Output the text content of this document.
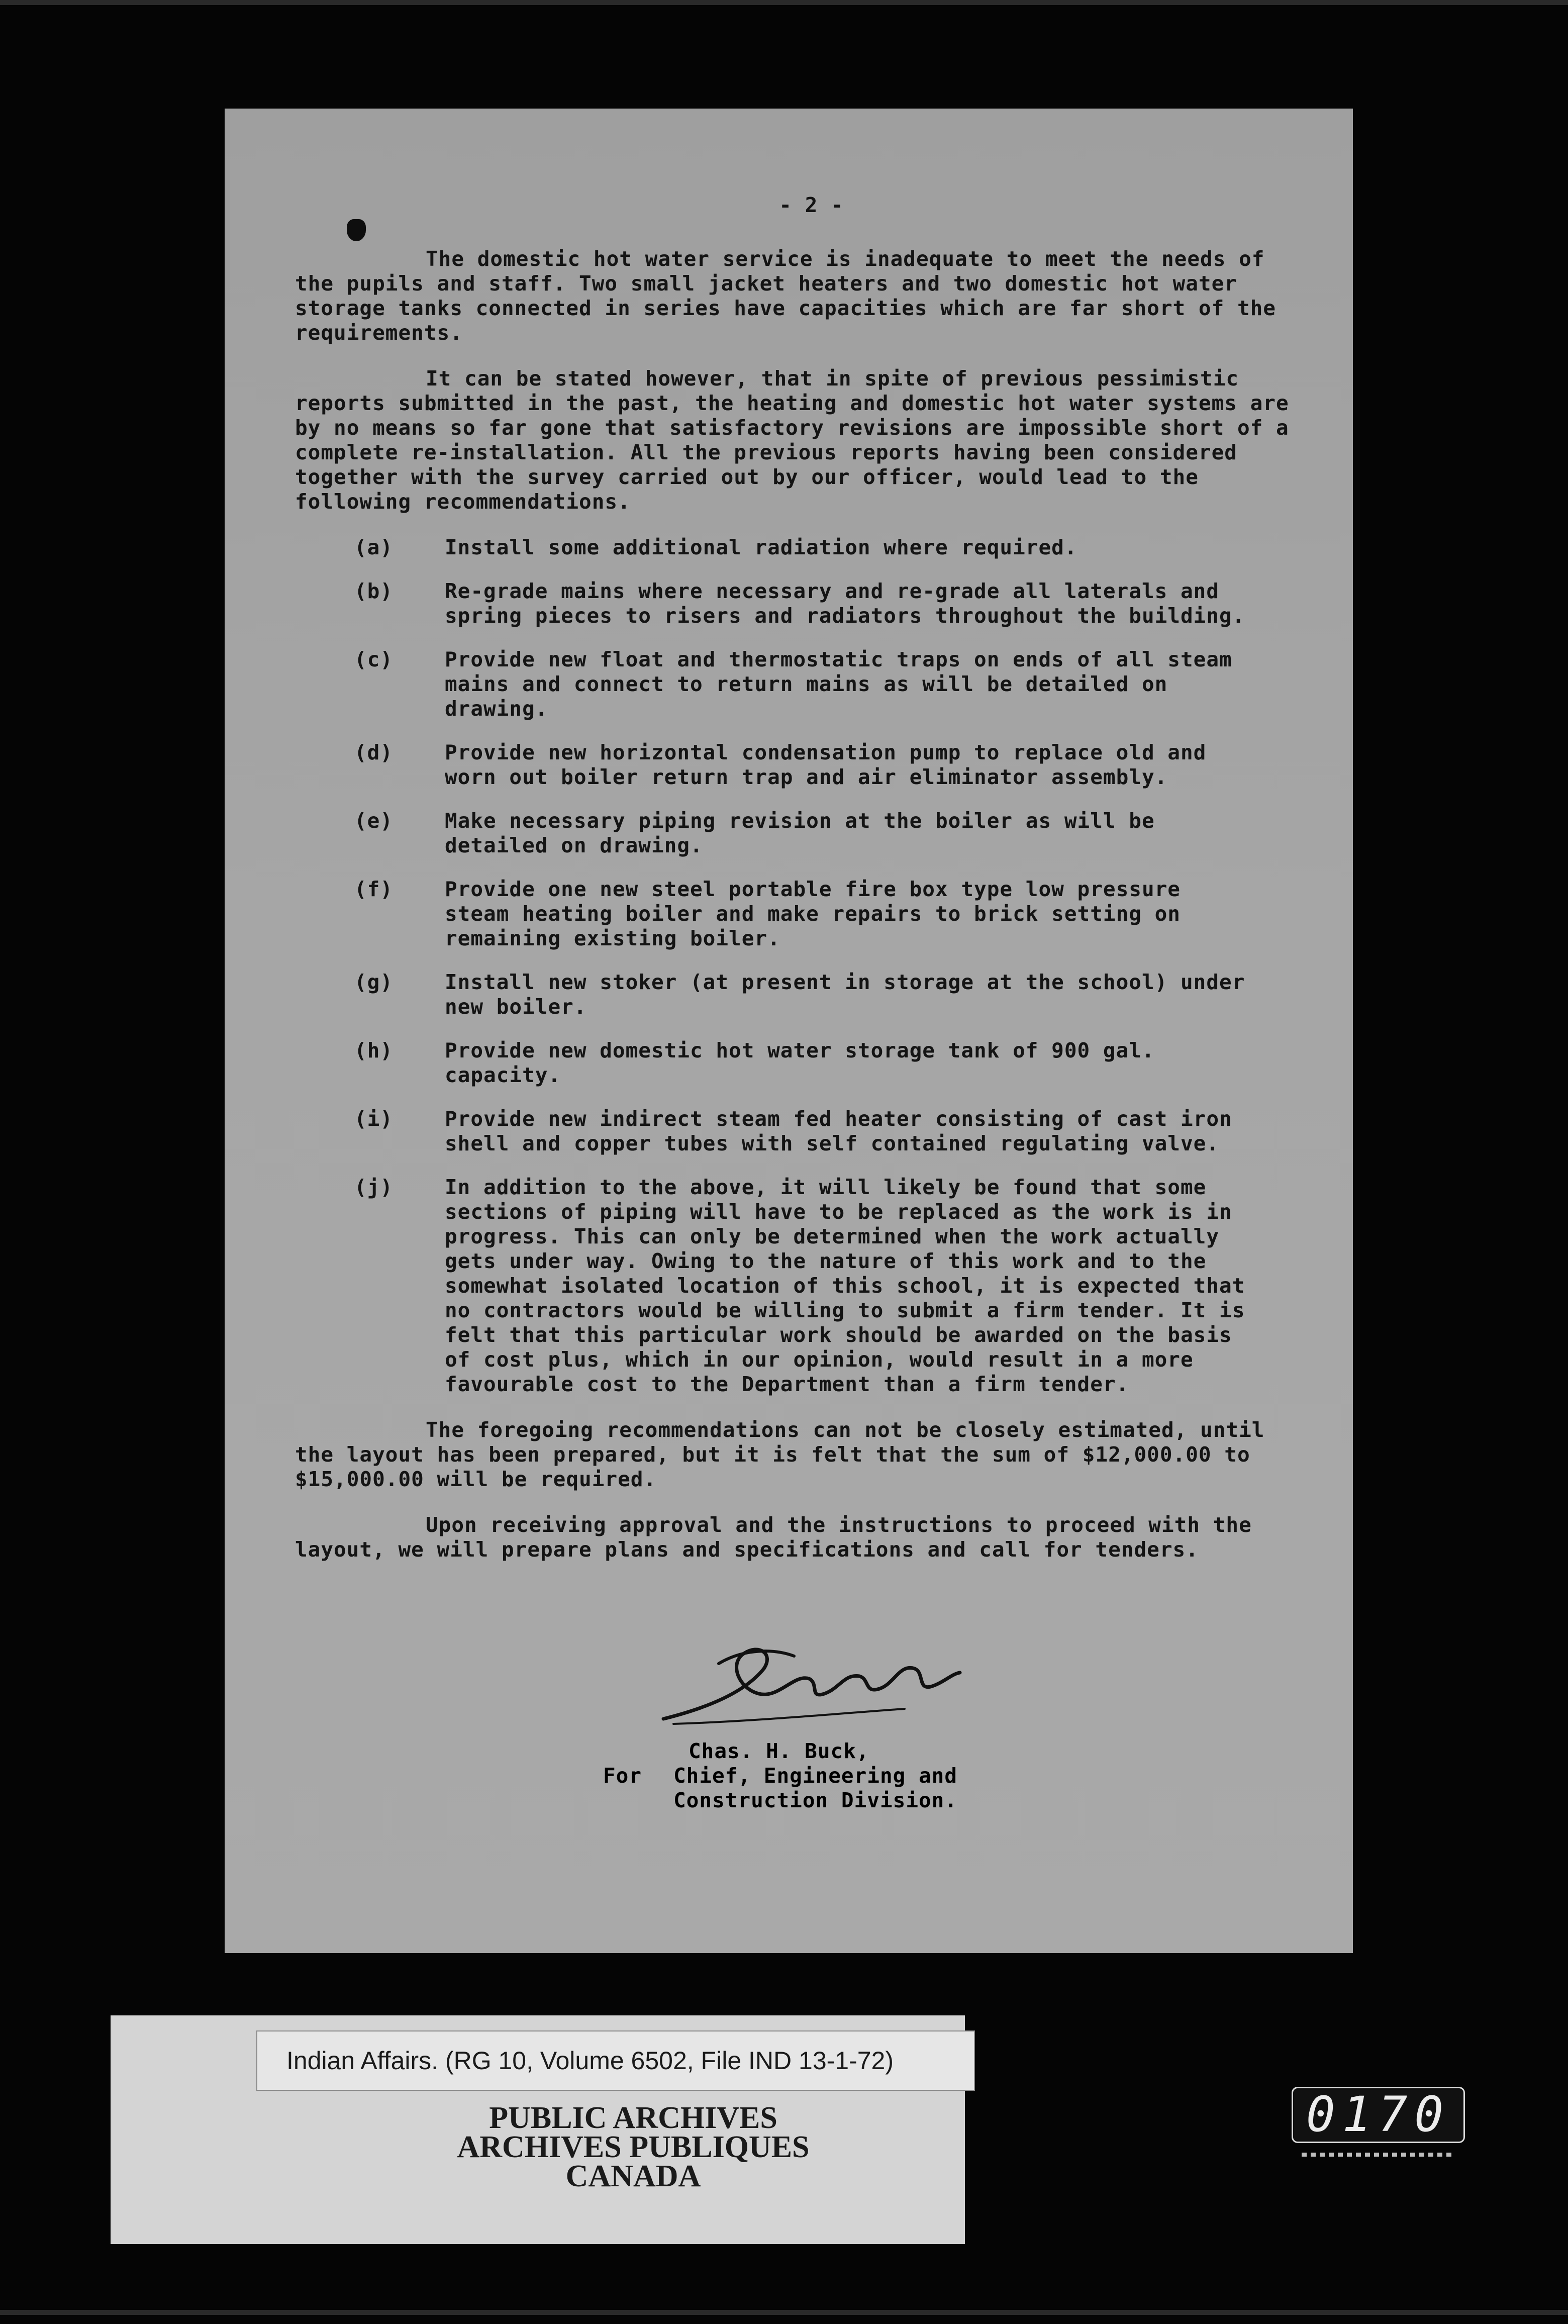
- 2 -

The domestic hot water service is inadequate to meet the needs of the pupils and staff. Two small jacket heaters and two domestic hot water storage tanks connected in series have capacities which are far short of the requirements.

It can be stated however, that in spite of previous pessimistic reports submitted in the past, the heating and domestic hot water systems are by no means so far gone that satisfactory revisions are impossible short of a complete re-installation. All the previous reports having been considered together with the survey carried out by our officer, would lead to the following recommendations.

(a)	Install some additional radiation where required.
(b)	Re-grade mains where necessary and re-grade all laterals and spring pieces to risers and radiators throughout the building.
(c)	Provide new float and thermostatic traps on ends of all steam mains and connect to return mains as will be detailed on drawing.
(d)	Provide new horizontal condensation pump to replace old and worn out boiler return trap and air eliminator assembly.
(e)	Make necessary piping revision at the boiler as will be detailed on drawing.
(f)	Provide one new steel portable fire box type low pressure steam heating boiler and make repairs to brick setting on remaining existing boiler.
(g)	Install new stoker (at present in storage at the school) under new boiler.
(h)	Provide new domestic hot water storage tank of 900 gal. capacity.
(i)	Provide new indirect steam fed heater consisting of cast iron shell and copper tubes with self contained regulating valve.
(j)	In addition to the above, it will likely be found that some sections of piping will have to be replaced as the work is in progress. This can only be determined when the work actually gets under way. Owing to the nature of this work and to the somewhat isolated location of this school, it is expected that no contractors would be willing to submit a firm tender. It is felt that this particular work should be awarded on the basis of cost plus, which in our opinion, would result in a more favourable cost to the Department than a firm tender.

The foregoing recommendations can not be closely estimated, until the layout has been prepared, but it is felt that the sum of $12,000.00 to $15,000.00 will be required.

Upon receiving approval and the instructions to proceed with the layout, we will prepare plans and specifications and call for tenders.

For
Chas. H. Buck,
Chief, Engineering and
Construction Division.
Indian Affairs. (RG 10, Volume 6502, File IND 13-1-72)
PUBLIC ARCHIVES
ARCHIVES PUBLIQUES
CANADA
0170
